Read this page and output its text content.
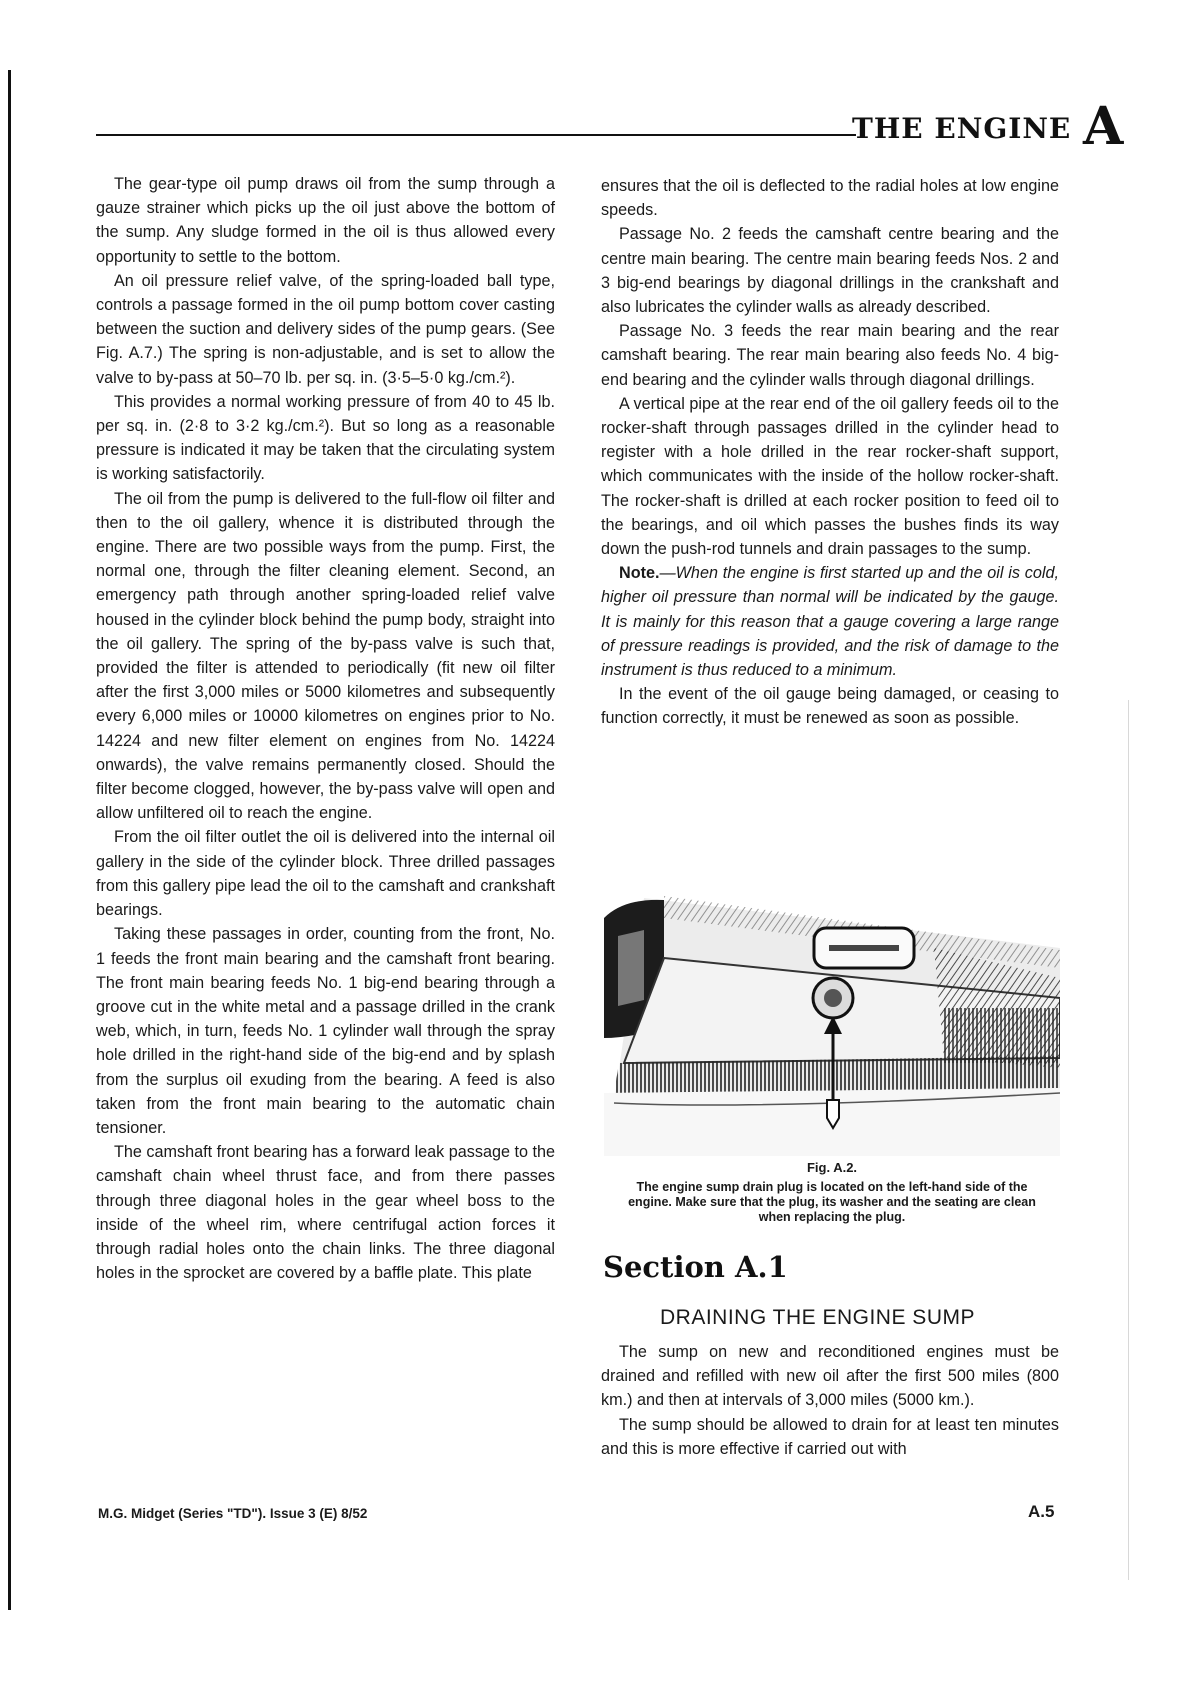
THE ENGINE A

The gear-type oil pump draws oil from the sump through a gauze strainer which picks up the oil just above the bottom of the sump. Any sludge formed in the oil is thus allowed every opportunity to settle to the bottom.

An oil pressure relief valve, of the spring-loaded ball type, controls a passage formed in the oil pump bottom cover casting between the suction and delivery sides of the pump gears. (See Fig. A.7.) The spring is non-adjustable, and is set to allow the valve to by-pass at 50–70 lb. per sq. in. (3·5–5·0 kg./cm.²).

This provides a normal working pressure of from 40 to 45 lb. per sq. in. (2·8 to 3·2 kg./cm.²). But so long as a reasonable pressure is indicated it may be taken that the circulating system is working satisfactorily.

The oil from the pump is delivered to the full-flow oil filter and then to the oil gallery, whence it is distributed through the engine. There are two possible ways from the pump. First, the normal one, through the filter cleaning element. Second, an emergency path through another spring-loaded relief valve housed in the cylinder block behind the pump body, straight into the oil gallery. The spring of the by-pass valve is such that, provided the filter is attended to periodically (fit new oil filter after the first 3,000 miles or 5000 kilometres and subsequently every 6,000 miles or 10000 kilometres on engines prior to No. 14224 and new filter element on engines from No. 14224 onwards), the valve remains permanently closed. Should the filter become clogged, however, the by-pass valve will open and allow unfiltered oil to reach the engine.

From the oil filter outlet the oil is delivered into the internal oil gallery in the side of the cylinder block. Three drilled passages from this gallery pipe lead the oil to the camshaft and crankshaft bearings.

Taking these passages in order, counting from the front, No. 1 feeds the front main bearing and the camshaft front bearing. The front main bearing feeds No. 1 big-end bearing through a groove cut in the white metal and a passage drilled in the crank web, which, in turn, feeds No. 1 cylinder wall through the spray hole drilled in the right-hand side of the big-end and by splash from the surplus oil exuding from the bearing. A feed is also taken from the front main bearing to the automatic chain tensioner.

The camshaft front bearing has a forward leak passage to the camshaft chain wheel thrust face, and from there passes through three diagonal holes in the gear wheel boss to the inside of the wheel rim, where centrifugal action forces it through radial holes onto the chain links. The three diagonal holes in the sprocket are covered by a baffle plate. This plate

ensures that the oil is deflected to the radial holes at low engine speeds.

Passage No. 2 feeds the camshaft centre bearing and the centre main bearing. The centre main bearing feeds Nos. 2 and 3 big-end bearings by diagonal drillings in the crankshaft and also lubricates the cylinder walls as already described.

Passage No. 3 feeds the rear main bearing and the rear camshaft bearing. The rear main bearing also feeds No. 4 big-end bearing and the cylinder walls through diagonal drillings.

A vertical pipe at the rear end of the oil gallery feeds oil to the rocker-shaft through passages drilled in the cylinder head to register with a hole drilled in the rear rocker-shaft support, which communicates with the inside of the hollow rocker-shaft. The rocker-shaft is drilled at each rocker position to feed oil to the bearings, and oil which passes the bushes finds its way down the push-rod tunnels and drain passages to the sump.

Note.—When the engine is first started up and the oil is cold, higher oil pressure than normal will be indicated by the gauge. It is mainly for this reason that a gauge covering a large range of pressure readings is provided, and the risk of damage to the instrument is thus reduced to a minimum.

In the event of the oil gauge being damaged, or ceasing to function correctly, it must be renewed as soon as possible.

Fig. A.2.
The engine sump drain plug is located on the left-hand side of the engine. Make sure that the plug, its washer and the seating are clean when replacing the plug.
Section A.1
DRAINING THE ENGINE SUMP

The sump on new and reconditioned engines must be drained and refilled with new oil after the first 500 miles (800 km.) and then at intervals of 3,000 miles (5000 km.).

The sump should be allowed to drain for at least ten minutes and this is more effective if carried out with

M.G. Midget (Series "TD"). Issue 3 (E) 8/52	A.5
